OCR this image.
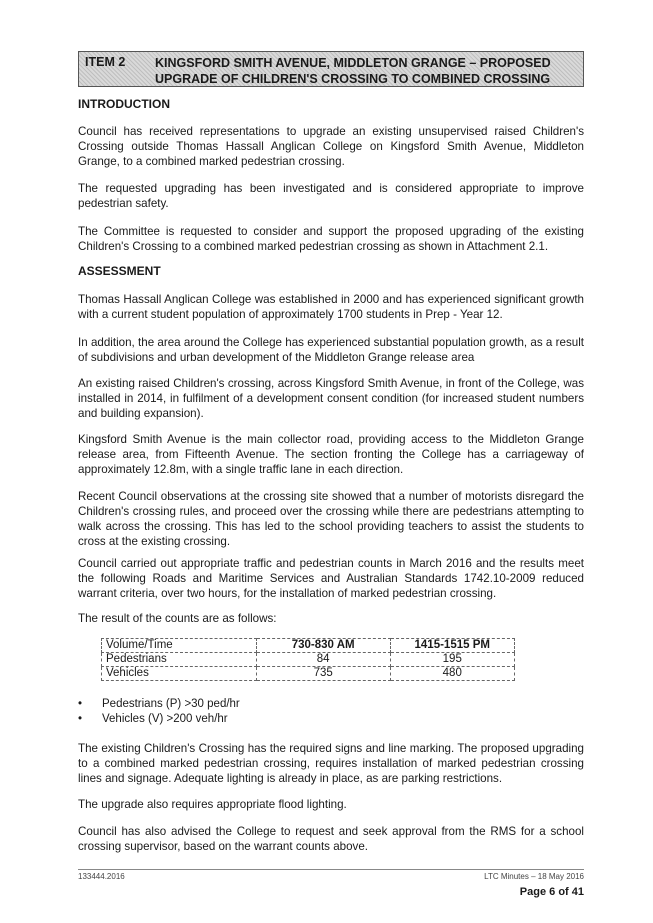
ITEM 2 KINGSFORD SMITH AVENUE, MIDDLETON GRANGE – PROPOSED
UPGRADE OF CHILDREN'S CROSSING TO COMBINED CROSSING
INTRODUCTION
Council has received representations to upgrade an existing unsupervised raised Children's Crossing outside Thomas Hassall Anglican College on Kingsford Smith Avenue, Middleton Grange, to a combined marked pedestrian crossing.
The requested upgrading has been investigated and is considered appropriate to improve pedestrian safety.
The Committee is requested to consider and support the proposed upgrading of the existing Children's Crossing to a combined marked pedestrian crossing as shown in Attachment 2.1.
ASSESSMENT
Thomas Hassall Anglican College was established in 2000 and has experienced significant growth with a current student population of approximately 1700 students in Prep - Year 12.
In addition, the area around the College has experienced substantial population growth, as a result of subdivisions and urban development of the Middleton Grange release area
An existing raised Children's crossing, across Kingsford Smith Avenue, in front of the College, was installed in 2014, in fulfilment of a development consent condition (for increased student numbers and building expansion).
Kingsford Smith Avenue is the main collector road, providing access to the Middleton Grange release area, from Fifteenth Avenue. The section fronting the College has a carriageway of approximately 12.8m, with a single traffic lane in each direction.
Recent Council observations at the crossing site showed that a number of motorists disregard the Children's crossing rules, and proceed over the crossing while there are pedestrians attempting to walk across the crossing. This has led to the school providing teachers to assist the students to cross at the existing crossing.
Council carried out appropriate traffic and pedestrian counts in March 2016 and the results meet the following Roads and Maritime Services and Australian Standards 1742.10-2009 reduced warrant criteria, over two hours, for the installation of marked pedestrian crossing.
The result of the counts are as follows:
Volume/Time	730-830 AM	1415-1515 PM
Pedestrians	84	195
Vehicles	735	480
•	Pedestrians (P) >30 ped/hr
•	Vehicles (V) >200 veh/hr
The existing Children's Crossing has the required signs and line marking. The proposed upgrading to a combined marked pedestrian crossing, requires installation of marked pedestrian crossing lines and signage. Adequate lighting is already in place, as are parking restrictions.
The upgrade also requires appropriate flood lighting.
Council has also advised the College to request and seek approval from the RMS for a school crossing supervisor, based on the warrant counts above.
133444.2016	LTC Minutes – 18 May 2016
Page 6 of 41
